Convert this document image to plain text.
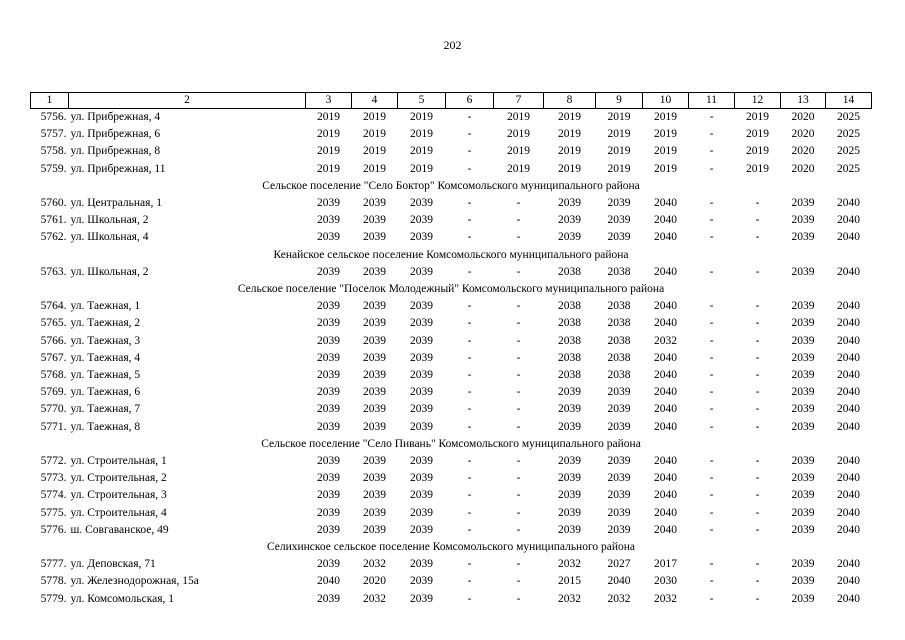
202
1	2	3	4	5	6	7	8	9	10	11	12	13	14
5756.	ул. Прибрежная, 4	2019	2019	2019	-	2019	2019	2019	2019	-	2019	2020	2025
5757.	ул. Прибрежная, 6	2019	2019	2019	-	2019	2019	2019	2019	-	2019	2020	2025
5758.	ул. Прибрежная, 8	2019	2019	2019	-	2019	2019	2019	2019	-	2019	2020	2025
5759.	ул. Прибрежная, 11	2019	2019	2019	-	2019	2019	2019	2019	-	2019	2020	2025
Сельское поселение "Село Боктор" Комсомольского муниципального района													
5760.	ул. Центральная, 1	2039	2039	2039	-	-	2039	2039	2040	-	-	2039	2040
5761.	ул. Школьная, 2	2039	2039	2039	-	-	2039	2039	2040	-	-	2039	2040
5762.	ул. Школьная, 4	2039	2039	2039	-	-	2039	2039	2040	-	-	2039	2040
Кенайское сельское поселение Комсомольского муниципального района													
5763.	ул. Школьная, 2	2039	2039	2039	-	-	2038	2038	2040	-	-	2039	2040
Сельское поселение "Поселок Молодежный" Комсомольского муниципального района													
5764.	ул. Таежная, 1	2039	2039	2039	-	-	2038	2038	2040	-	-	2039	2040
5765.	ул. Таежная, 2	2039	2039	2039	-	-	2038	2038	2040	-	-	2039	2040
5766.	ул. Таежная, 3	2039	2039	2039	-	-	2038	2038	2032	-	-	2039	2040
5767.	ул. Таежная, 4	2039	2039	2039	-	-	2038	2038	2040	-	-	2039	2040
5768.	ул. Таежная, 5	2039	2039	2039	-	-	2038	2038	2040	-	-	2039	2040
5769.	ул. Таежная, 6	2039	2039	2039	-	-	2039	2039	2040	-	-	2039	2040
5770.	ул. Таежная, 7	2039	2039	2039	-	-	2039	2039	2040	-	-	2039	2040
5771.	ул. Таежная, 8	2039	2039	2039	-	-	2039	2039	2040	-	-	2039	2040
Сельское поселение "Село Пивань" Комсомольского муниципального района													
5772.	ул. Строительная, 1	2039	2039	2039	-	-	2039	2039	2040	-	-	2039	2040
5773.	ул. Строительная, 2	2039	2039	2039	-	-	2039	2039	2040	-	-	2039	2040
5774.	ул. Строительная, 3	2039	2039	2039	-	-	2039	2039	2040	-	-	2039	2040
5775.	ул. Строительная, 4	2039	2039	2039	-	-	2039	2039	2040	-	-	2039	2040
5776.	ш. Совгаванское, 49	2039	2039	2039	-	-	2039	2039	2040	-	-	2039	2040
Селихинское сельское поселение Комсомольского муниципального района													
5777.	ул. Деповская, 71	2039	2032	2039	-	-	2032	2027	2017	-	-	2039	2040
5778.	ул. Железнодорожная, 15а	2040	2020	2039	-	-	2015	2040	2030	-	-	2039	2040
5779.	ул. Комсомольская, 1	2039	2032	2039	-	-	2032	2032	2032	-	-	2039	2040
